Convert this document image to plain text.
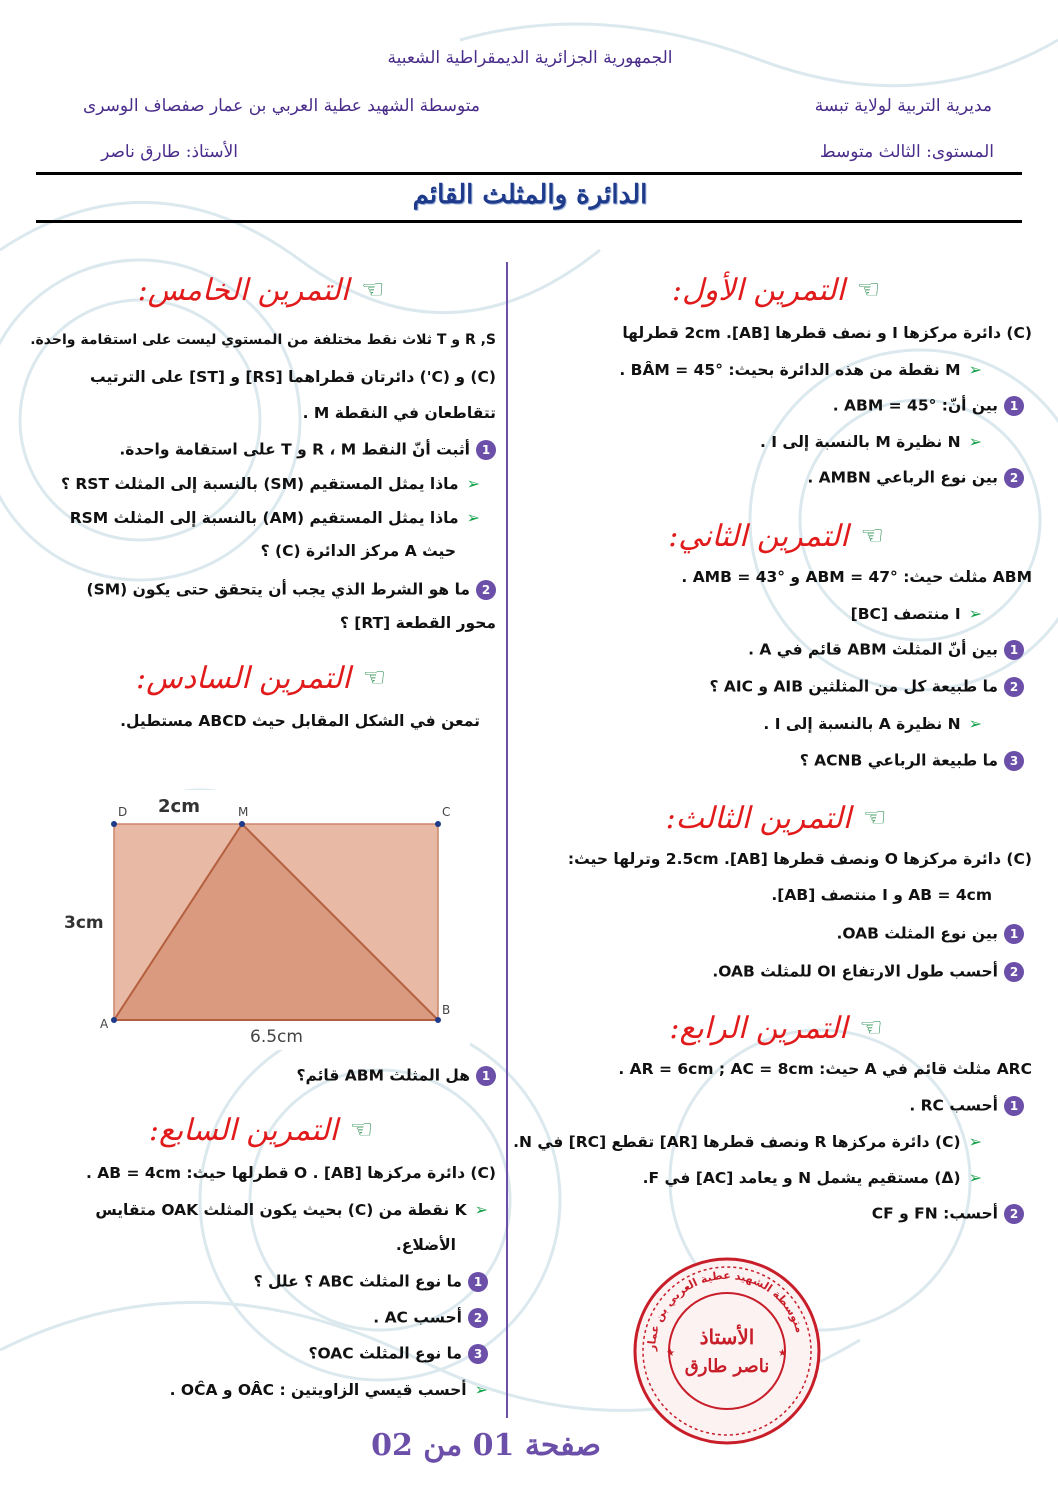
الجمهورية الجزائرية الديمقراطية الشعبية
متوسطة الشهيد عطية العربي بن عمار صفصاف الوسرى	مديرية التربية لولاية تبسة
الأستاذ: طارق ناصر	المستوى: الثالث متوسط
الدائرة والمثلث القائم
☜
التمرين الأول:
(C) دائرة مركزها I و نصف قطرها 2cm .[AB] قطرلها
➢M نقطة من هذه الدائرة بحيث: BÂM = 45° .
1بين أنّ: ABM = 45° .
➢N نظيرة M بالنسبة إلى I .
2بين نوع الرباعي AMBN .
☜
التمرين الثاني:
ABM مثلث حيث: ABM = 47° و AMB = 43° .
➢I منتصف [BC]
1بين أنّ المثلث ABM قائم في A .
2ما طبيعة كل من المثلثين AIB و AIC ؟
➢N نظيرة A بالنسبة إلى I .
3ما طبيعة الرباعي ACNB ؟
☜
التمرين الثالث:
(C) دائرة مركزها O ونصف قطرها 2.5cm .[AB] وترلها حيث:
AB = 4cm و I منتصف [AB].
1بين نوع المثلث OAB.
2أحسب طول الارتفاع OI للمثلث OAB.
☜
التمرين الرابع:
ARC مثلث قائم في A حيث: AR = 6cm ; AC = 8cm .
1أحسب RC .
➢(C) دائرة مركزها R ونصف قطرها [AR] تقطع [RC] في N.
➢(Δ) مستقيم يشمل N و يعامد [AC] في F.
2أحسب: FN و CF
☜
التمرين الخامس:
R ,S و T ثلاث نقط مختلفة من المستوي ليست على استقامة واحدة.
(C) و (C') دائرتان قطراهما [RS] و [ST] على الترتيب
تتقاطعان في النقطة M .
1أثبت أنّ النقط R ، M و T على استقامة واحدة.
➢ماذا يمثل المستقيم (SM) بالنسبة إلى المثلث RST ؟
➢ماذا يمثل المستقيم (AM) بالنسبة إلى المثلث RSM
حيث A مركز الدائرة (C) ؟
2ما هو الشرط الذي يجب أن يتحقق حتى يكون (SM)
محور القطعة [RT] ؟
☜
التمرين السادس:
تمعن في الشكل المقابل حيث ABCD مستطيل.
D	M	C
A
B
2cm
3cm
6.5cm
1هل المثلث ABM قائم؟
☜
التمرين السابع:
(C) دائرة مركزها O . [AB] قطرلها حيث: AB = 4cm .
➢K نقطة من (C) بحيث يكون المثلث OAK متقايس
الأضلاع.
1ما نوع المثلث ABC ؟ علل ؟
2أحسب AC .
3ما نوع المثلث OAC؟
➢أحسب قيسي الزاويتين : OÂC و OĈA .
متوسطة الشهيد عطية العربي بن عمار
الأستاذ
ناصر طارق
★	★
صفحة 01 من 02
